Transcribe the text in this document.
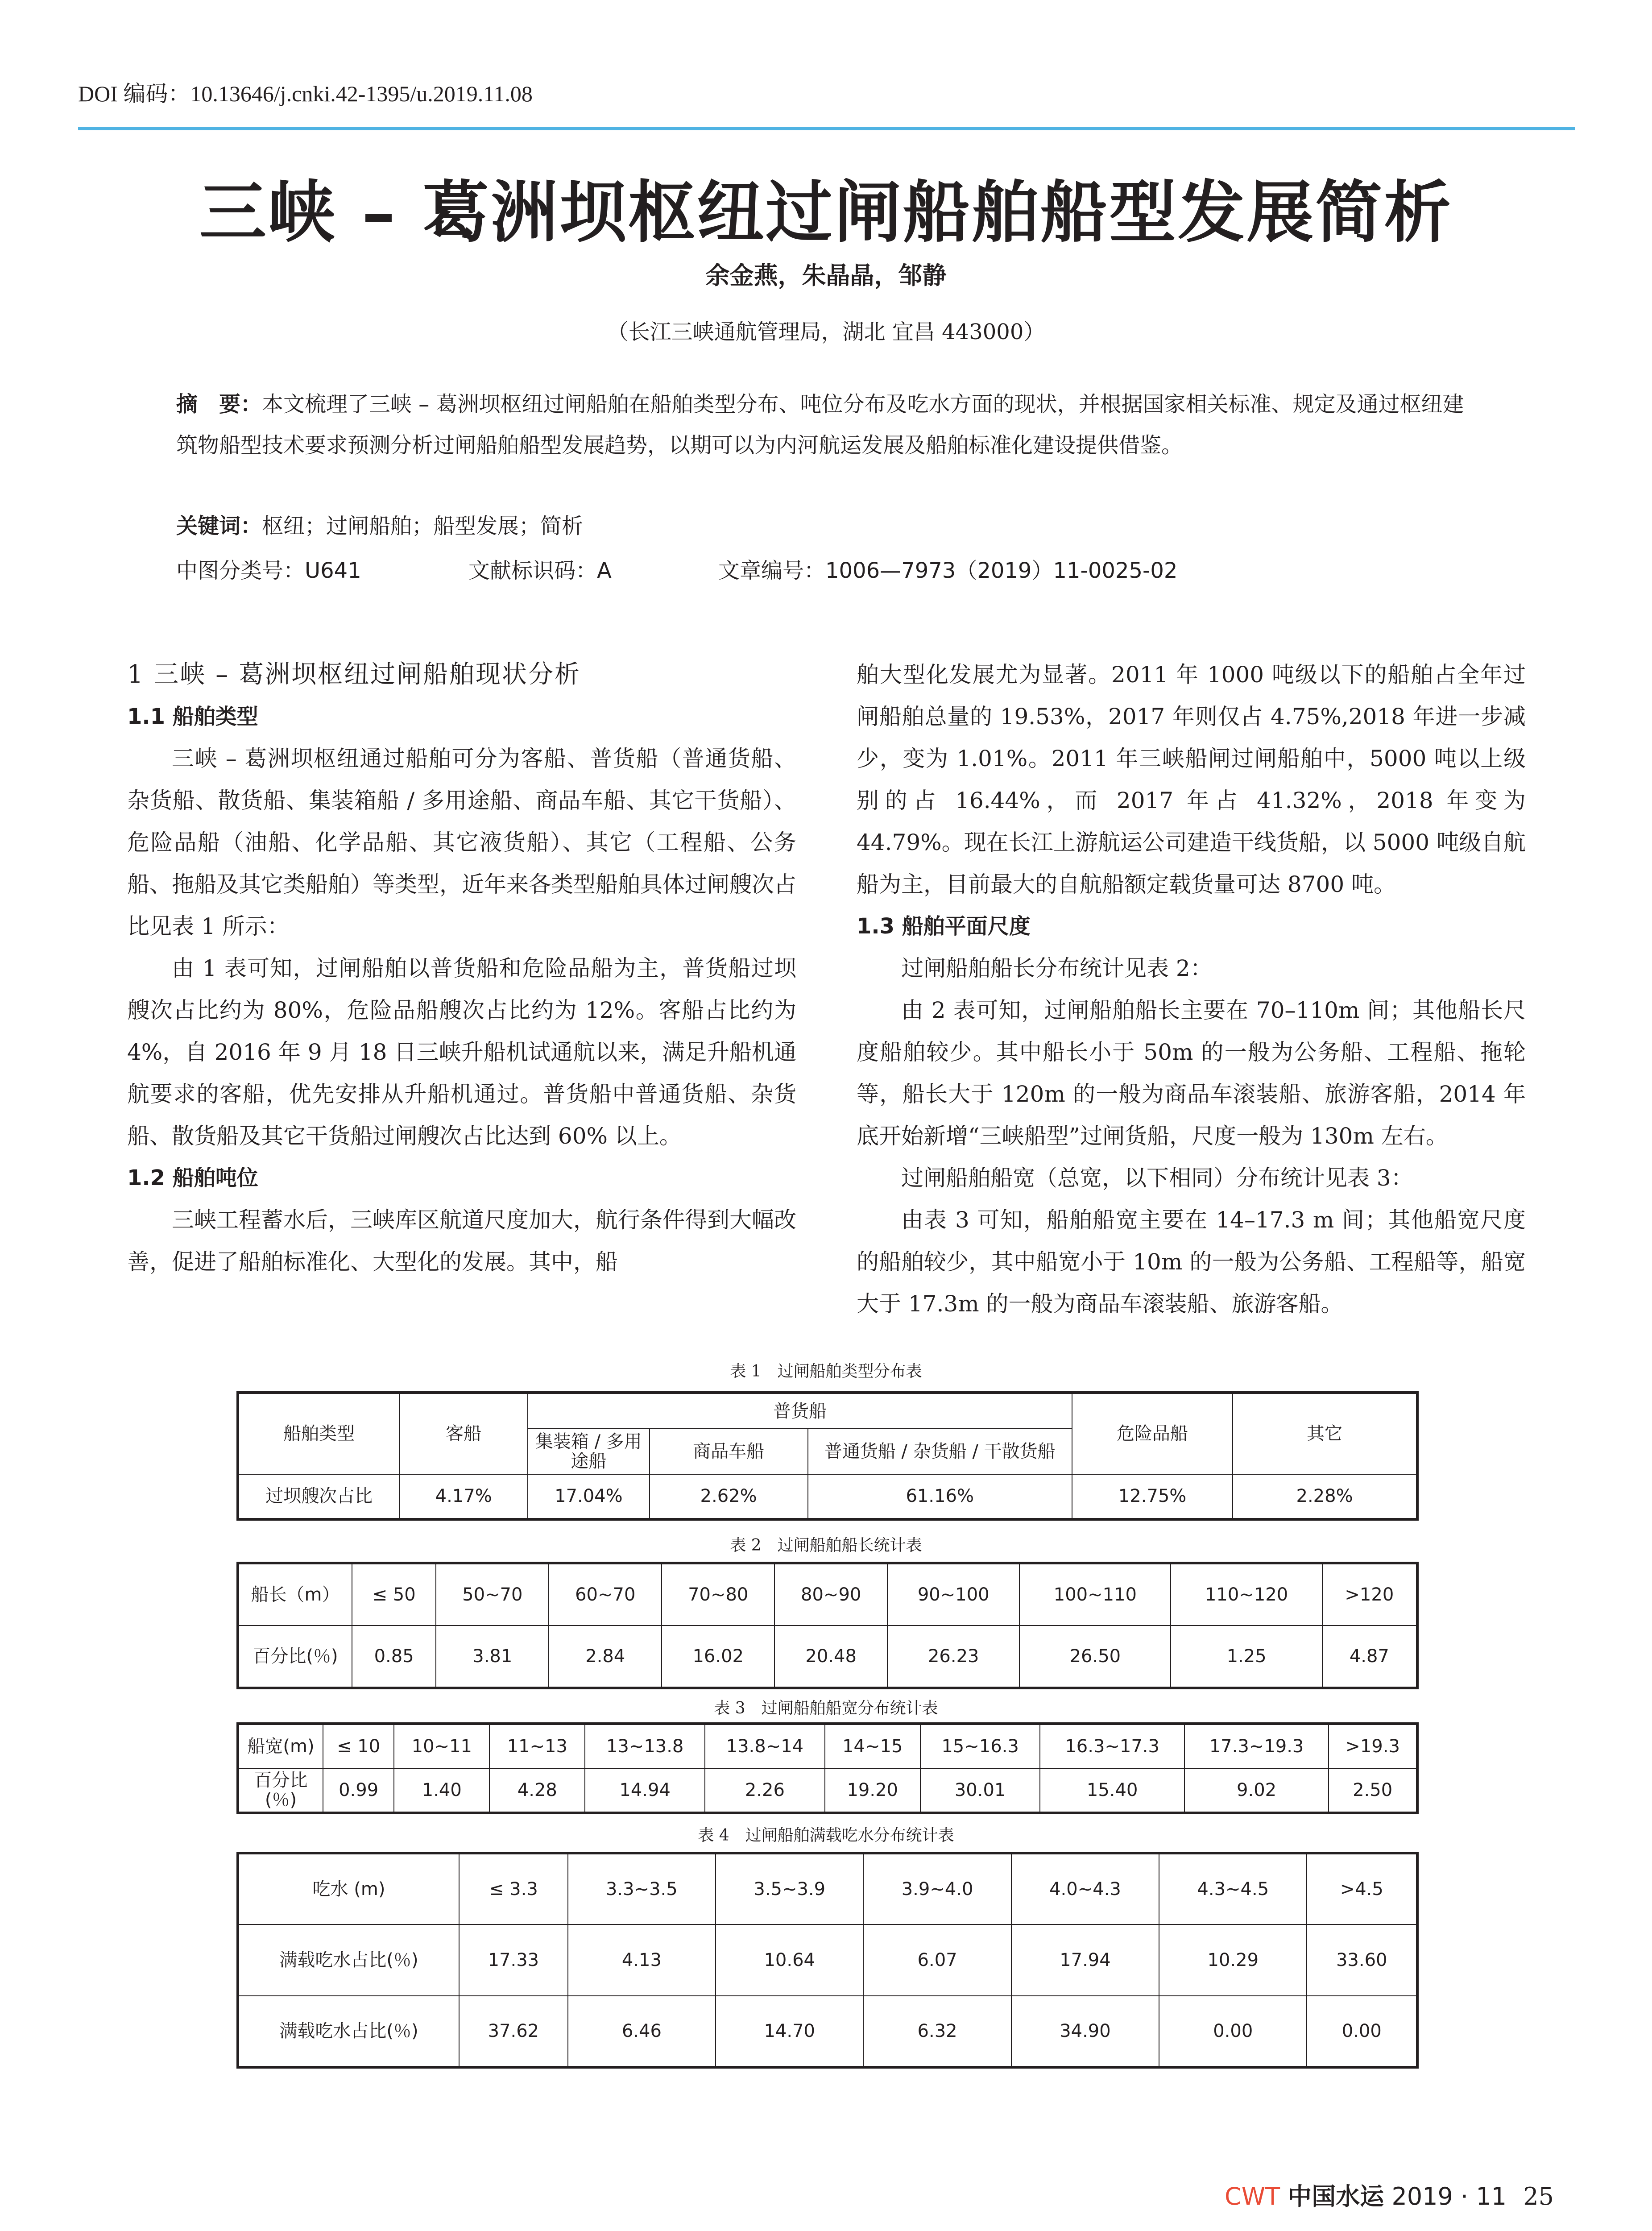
DOI 编码：10.13646/j.cnki.42-1395/u.2019.11.08
三峡 – 葛洲坝枢纽过闸船舶船型发展简析
余金燕，朱晶晶，邹静
（长江三峡通航管理局，湖北 宜昌 443000）
摘　要：本文梳理了三峡 – 葛洲坝枢纽过闸船舶在船舶类型分布、吨位分布及吃水方面的现状，并根据国家相关标准、规定及通过枢纽建筑物船型技术要求预测分析过闸船舶船型发展趋势，以期可以为内河航运发展及船舶标准化建设提供借鉴。
关键词：枢纽；过闸船舶；船型发展；简析
中图分类号：U641	文献标识码：A	文章编号：1006—7973（2019）11-0025-02
1 三峡 – 葛洲坝枢纽过闸船舶现状分析
1.1 船舶类型

三峡 – 葛洲坝枢纽通过船舶可分为客船、普货船（普通货船、杂货船、散货船、集装箱船 / 多用途船、商品车船、其它干货船）、危险品船（油船、化学品船、其它液货船）、其它（工程船、公务船、拖船及其它类船舶）等类型，近年来各类型船舶具体过闸艘次占比见表 1 所示：

由 1 表可知，过闸船舶以普货船和危险品船为主，普货船过坝艘次占比约为 80%，危险品船艘次占比约为 12%。客船占比约为 4%，自 2016 年 9 月 18 日三峡升船机试通航以来，满足升船机通航要求的客船，优先安排从升船机通过。普货船中普通货船、杂货船、散货船及其它干货船过闸艘次占比达到 60% 以上。

1.2 船舶吨位

三峡工程蓄水后，三峡库区航道尺度加大，航行条件得到大幅改善，促进了船舶标准化、大型化的发展。其中，船

舶大型化发展尤为显著。2011 年 1000 吨级以下的船舶占全年过闸船舶总量的 19.53%，2017 年则仅占 4.75%,2018 年进一步减少，变为 1.01%。2011 年三峡船闸过闸船舶中，5000 吨以上级别的占 16.44%，而 2017 年占 41.32%，2018 年变为 44.79%。现在长江上游航运公司建造干线货船，以 5000 吨级自航船为主，目前最大的自航船额定载货量可达 8700 吨。

1.3 船舶平面尺度

过闸船舶船长分布统计见表 2：

由 2 表可知，过闸船舶船长主要在 70–110m 间；其他船长尺度船舶较少。其中船长小于 50m 的一般为公务船、工程船、拖轮等，船长大于 120m 的一般为商品车滚装船、旅游客船，2014 年底开始新增“三峡船型”过闸货船，尺度一般为 130m 左右。

过闸船舶船宽（总宽，以下相同）分布统计见表 3：

由表 3 可知，船舶船宽主要在 14–17.3 m 间；其他船宽尺度的船舶较少，其中船宽小于 10m 的一般为公务船、工程船等，船宽大于 17.3m 的一般为商品车滚装船、旅游客船。

表 1　过闸船舶类型分布表
船舶类型	客船	普货船			危险品船	其它
		集装箱 / 多用途船	商品车船	普通货船 / 杂货船 / 干散货船		
过坝艘次占比	4.17%	17.04%	2.62%	61.16%	12.75%	2.28%
表 2　过闸船舶船长统计表
船长（m）	≤ 50	50~70	60~70	70~80	80~90	90~100	100~110	110~120	>120
百分比(％)	0.85	3.81	2.84	16.02	20.48	26.23	26.50	1.25	4.87
表 3　过闸船舶船宽分布统计表
船宽(m)	≤ 10	10~11	11~13	13~13.8	13.8~14	14~15	15~16.3	16.3~17.3	17.3~19.3	>19.3
百分比(％)	0.99	1.40	4.28	14.94	2.26	19.20	30.01	15.40	9.02	2.50
表 4　过闸船舶满载吃水分布统计表
吃水 (m)	≤ 3.3	3.3~3.5	3.5~3.9	3.9~4.0	4.0~4.3	4.3~4.5	>4.5
满载吃水占比(％)	17.33	4.13	10.64	6.07	17.94	10.29	33.60
满载吃水占比(％)	37.62	6.46	14.70	6.32	34.90	0.00	0.00
CWT 中国水运 2019 · 11 25
